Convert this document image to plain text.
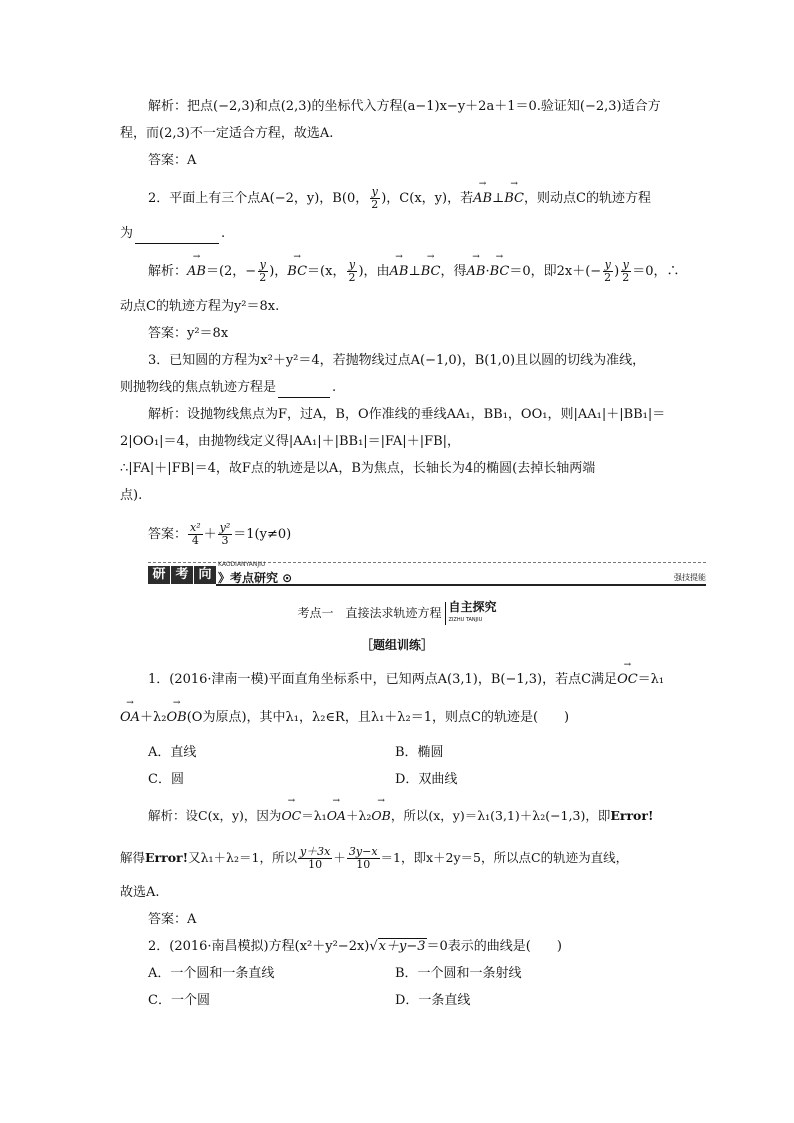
解析：把点(−2,3)和点(2,3)的坐标代入方程(a−1)x−y＋2a＋1＝0.验证知(−2,3)适合方
程，而(2,3)不一定适合方程，故选A.
答案：A
2．平面上有三个点A(−2，y)，B(0， $\frac{y}{2}$ )，C(x，y)，若→ AB⊥→ BC，则动点C的轨迹方程
为	.
解析：→ AB＝(2，− $\frac{y}{2}$ )，→ BC＝(x， $\frac{y}{2}$ )，由→ AB⊥→ BC，得→ AB·→ BC＝0，即$2x+(- \frac{y}{2}$ ) $\frac{y}{2} =0$，∴
动点C的轨迹方程为y²＝8x.
答案：y²＝8x
3．已知圆的方程为x²＋y²＝4，若抛物线过点A(−1,0)，B(1,0)且以圆的切线为准线，
则抛物线的焦点轨迹方程是	.
解析：设抛物线焦点为F，过A，B，O作准线的垂线AA₁，BB₁，OO₁，则|AA₁|＋|BB₁|＝
2|OO₁|＝4，由抛物线定义得|AA₁|＋|BB₁|＝|FA|＋|FB|，
∴|FA|＋|FB|＝4，故F点的轨迹是以A，B为焦点，长轴长为4的椭圆(去掉长轴两端
点).
答案： $\frac{\text{x²}}{4} + \frac{\text{y²}}{3} =1(y\ne 0)$
研 考 向
KAODIANYANJIU
》考点研究 ⊙	强技提能
考点一　直接法求轨迹方程 自主探究
ZIZHU TANJIU
［题组训练］
1．(2016·津南一模)平面直角坐标系中，已知两点A(3,1)，B(−1,3)，若点C满足→ OC＝λ₁
→ OA＋λ₂→ OB(O为原点)，其中λ₁，λ₂∈R，且λ₁＋λ₂＝1，则点C的轨迹是(　　)
A．直线	B．椭圆
C．圆	D．双曲线
解析：设C(x，y)，因为→ OC＝λ₁→ OA＋λ₂→ OB，所以(x，y)＝λ₁(3,1)＋λ₂(−1,3)，即Error!
解得Error!又λ₁＋λ₂＝1，所以 $\frac{y+3x}{10} + \frac{3y-x}{10} =1$，即x＋2y＝5，所以点C的轨迹为直线，
故选A.
答案：A
2．(2016·南昌模拟)方程(x²＋y²−2x)√x＋y−3＝0表示的曲线是(　　)
A．一个圆和一条直线	B．一个圆和一条射线
C．一个圆	D．一条直线
